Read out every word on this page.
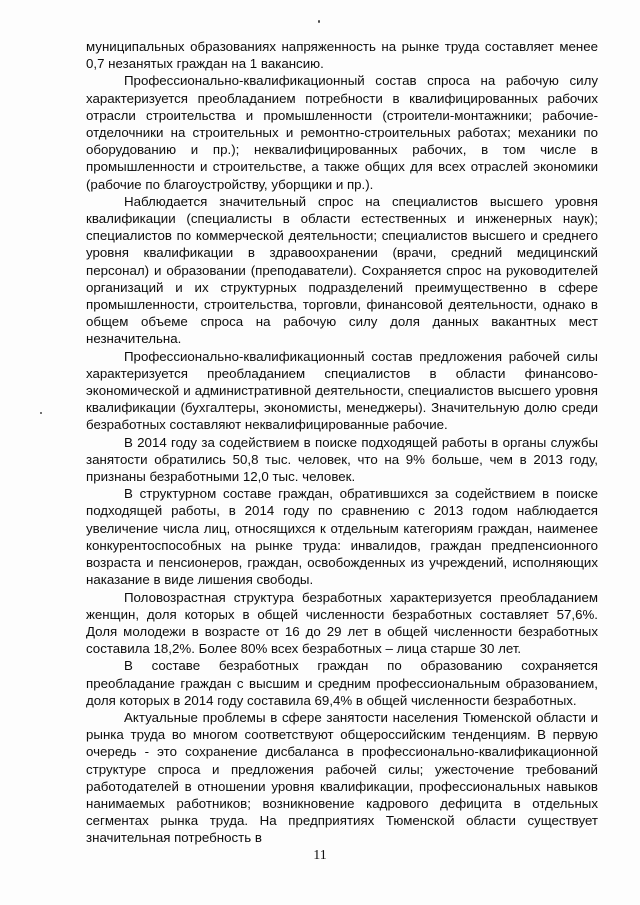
муниципальных образованиях напряженность на рынке труда составляет менее 0,7 незанятых граждан на 1 вакансию.

Профессионально-квалификационный состав спроса на рабочую силу характеризуется преобладанием потребности в квалифицированных рабочих отрасли строительства и промышленности (строители-монтажники; рабочие-отделочники на строительных и ремонтно-строительных работах; механики по оборудованию и пр.); неквалифицированных рабочих, в том числе в промышленности и строительстве, а также общих для всех отраслей экономики (рабочие по благоустройству, уборщики и пр.).

Наблюдается значительный спрос на специалистов высшего уровня квалификации (специалисты в области естественных и инженерных наук); специалистов по коммерческой деятельности; специалистов высшего и среднего уровня квалификации в здравоохранении (врачи, средний медицинский персонал) и образовании (преподаватели). Сохраняется спрос на руководителей организаций и их структурных подразделений преимущественно в сфере промышленности, строительства, торговли, финансовой деятельности, однако в общем объеме спроса на рабочую силу доля данных вакантных мест незначительна.

Профессионально-квалификационный состав предложения рабочей силы характеризуется преобладанием специалистов в области финансово-экономической и административной деятельности, специалистов высшего уровня квалификации (бухгалтеры, экономисты, менеджеры). Значительную долю среди безработных составляют неквалифицированные рабочие.

В 2014 году за содействием в поиске подходящей работы в органы службы занятости обратились 50,8 тыс. человек, что на 9% больше, чем в 2013 году, признаны безработными 12,0 тыс. человек.

В структурном составе граждан, обратившихся за содействием в поиске подходящей работы, в 2014 году по сравнению с 2013 годом наблюдается увеличение числа лиц, относящихся к отдельным категориям граждан, наименее конкурентоспособных на рынке труда: инвалидов, граждан предпенсионного возраста и пенсионеров, граждан, освобожденных из учреждений, исполняющих наказание в виде лишения свободы.

Половозрастная структура безработных характеризуется преобладанием женщин, доля которых в общей численности безработных составляет 57,6%. Доля молодежи в возрасте от 16 до 29 лет в общей численности безработных составила 18,2%. Более 80% всех безработных – лица старше 30 лет.

В составе безработных граждан по образованию сохраняется преобладание граждан с высшим и средним профессиональным образованием, доля которых в 2014 году составила 69,4% в общей численности безработных.

Актуальные проблемы в сфере занятости населения Тюменской области и рынка труда во многом соответствуют общероссийским тенденциям. В первую очередь - это сохранение дисбаланса в профессионально-квалификационной структуре спроса и предложения рабочей силы; ужесточение требований работодателей в отношении уровня квалификации, профессиональных навыков нанимаемых работников; возникновение кадрового дефицита в отдельных сегментах рынка труда. На предприятиях Тюменской области существует значительная потребность в

11
